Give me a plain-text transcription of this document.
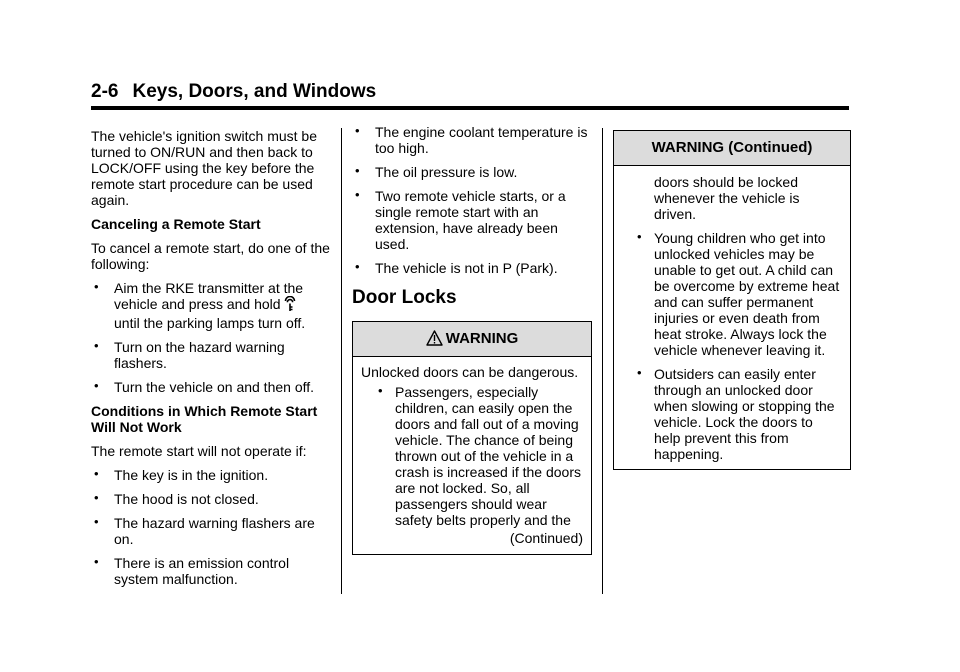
2-6 Keys, Doors, and Windows

The vehicle's ignition switch must be turned to ON/RUN and then back to LOCK/OFF using the key before the remote start procedure can be used again.

Canceling a Remote Start

To cancel a remote start, do one of the following:

• Aim the RKE transmitter at the vehicle and press and hold
until the parking lamps turn off.
• Turn on the hazard warning flashers.
• Turn the vehicle on and then off.

Conditions in Which Remote Start Will Not Work

The remote start will not operate if:

• The key is in the ignition.
• The hood is not closed.
• The hazard warning flashers are on.
• There is an emission control system malfunction.
• The engine coolant temperature is too high.
• The oil pressure is low.
• Two remote vehicle starts, or a single remote start with an extension, have already been used.
• The vehicle is not in P (Park).
Door Locks
WARNING

Unlocked doors can be dangerous.

• Passengers, especially children, can easily open the doors and fall out of a moving vehicle. The chance of being thrown out of the vehicle in a crash is increased if the doors are not locked. So, all passengers should wear safety belts properly and the
(Continued)
WARNING (Continued)

doors should be locked whenever the vehicle is driven.

• Young children who get into unlocked vehicles may be unable to get out. A child can be overcome by extreme heat and can suffer permanent injuries or even death from heat stroke. Always lock the vehicle whenever leaving it.
• Outsiders can easily enter through an unlocked door when slowing or stopping the vehicle. Lock the doors to help prevent this from happening.
